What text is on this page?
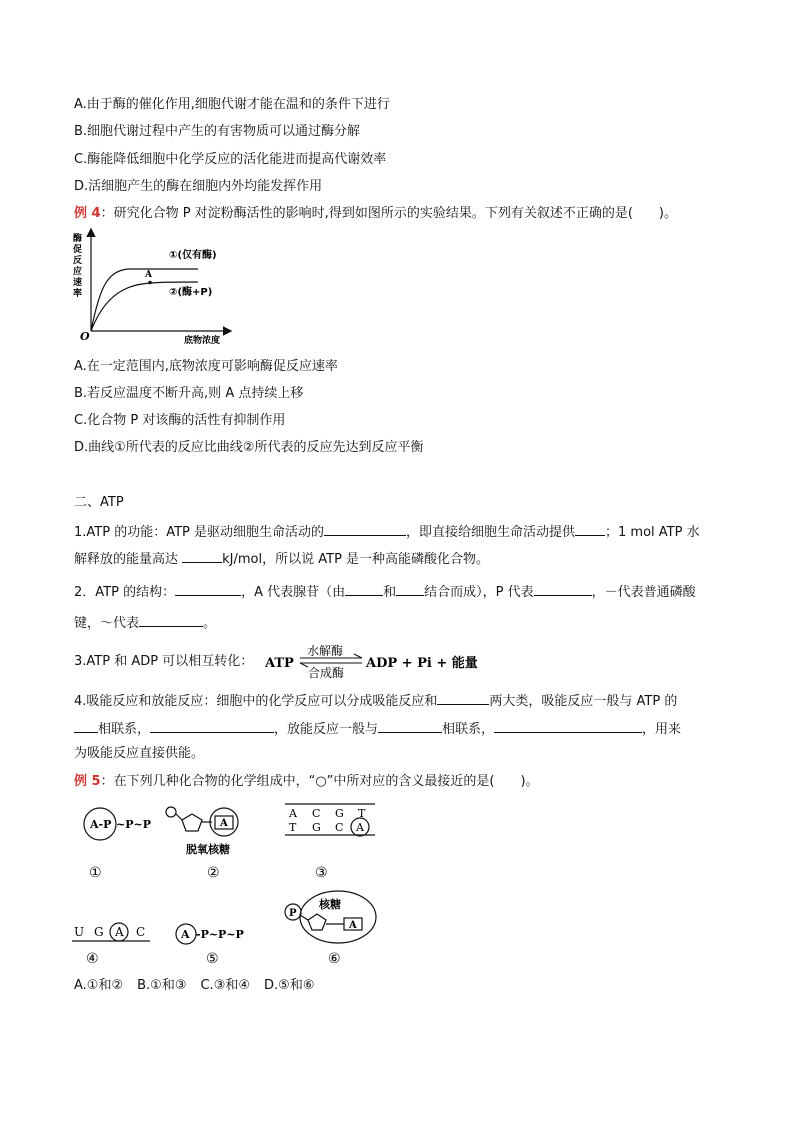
A.由于酶的催化作用,细胞代谢才能在温和的条件下进行
B.细胞代谢过程中产生的有害物质可以通过酶分解
C.酶能降低细胞中化学反应的活化能进而提高代谢效率
D.活细胞产生的酶在细胞内外均能发挥作用
例 4：研究化合物 P 对淀粉酶活性的影响时,得到如图所示的实验结果。下列有关叙述不正确的是(　　)。
酶
促
反
应
速
率
O	底物浓度
A
①(仅有酶)
②(酶+P)
A.在一定范围内,底物浓度可影响酶促反应速率
B.若反应温度不断升高,则 A 点持续上移
C.化合物 P 对该酶的活性有抑制作用
D.曲线①所代表的反应比曲线②所代表的反应先达到反应平衡
二、ATP
1.ATP 的功能：ATP 是驱动细胞生命活动的	，即直接给细胞生命活动提供 ；1 mol ATP 水
解释放的能量高达	kJ/mol，所以说 ATP 是一种高能磷酸化合物。
2．ATP 的结构：	，A 代表腺苷（由	和 结合而成），P 代表	，－代表普通磷酸
键，～代表	。
3.ATP 和 ADP 可以相互转化： ATP
水解酶
合成酶
ADP + Pi + 能量
4.吸能反应和放能反应：细胞中的化学反应可以分成吸能反应和	两大类，吸能反应一般与 ATP 的
相联系，	，放能反应一般与	相联系，	，用来
为吸能反应直接供能。
例 5：在下列几种化合物的化学组成中，“○”中所对应的含义最接近的是(　　)。
A-P ~P~P
①
A
脱氧核糖
②
A C G T
T G C A
③
U G A C
④
A -P~P~P
⑤
P
A
核糖
⑥
A.①和② B.①和③ C.③和④ D.⑤和⑥
